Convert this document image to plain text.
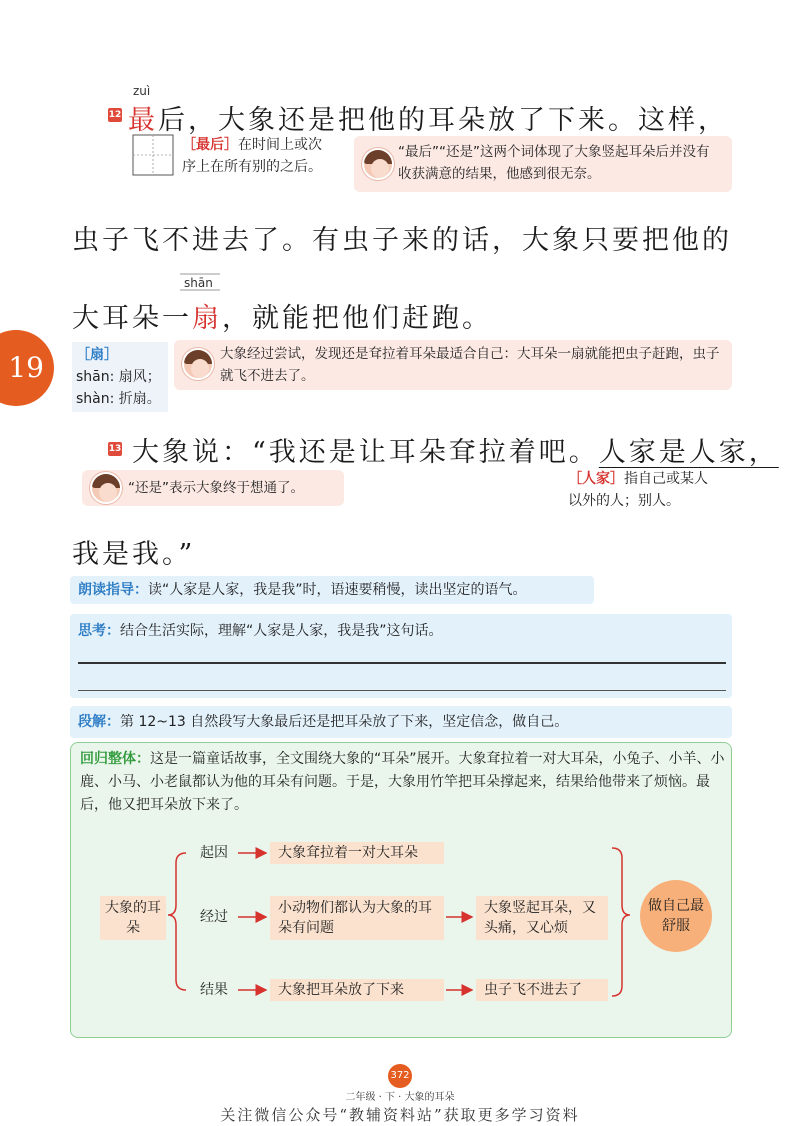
12
zuì
最后，大象还是把他的耳朵放了下来。这样，
［最后］在时间上或次
序上在所有别的之后。
“最后”“还是”这两个词体现了大象竖起耳朵后并没有收获满意的结果，他感到很无奈。
虫子飞不进去了。有虫子来的话，大象只要把他的
shān
大耳朵一扇，就能把他们赶跑。
19	［扇］
shān: 扇风；
shàn: 折扇。
大象经过尝试，发现还是耷拉着耳朵最适合自己：大耳朵一扇就能把虫子赶跑，虫子就飞不进去了。
13 大象说：“我还是让耳朵耷拉着吧。人家是人家，
“还是”表示大象终于想通了。
［人家］指自己或某人
以外的人；别人。
我是我。”
朗读指导：读“人家是人家，我是我”时，语速要稍慢，读出坚定的语气。
思考：结合生活实际，理解“人家是人家，我是我”这句话。
段解：第 12~13 自然段写大象最后还是把耳朵放了下来，坚定信念，做自己。
回归整体：这是一篇童话故事，全文围绕大象的“耳朵”展开。大象耷拉着一对大耳朵，小兔子、小羊、小鹿、小马、小老鼠都认为他的耳朵有问题。于是，大象用竹竿把耳朵撑起来，结果给他带来了烦恼。最后，他又把耳朵放下来了。
大象的耳朵
起因	大象耷拉着一对大耳朵
经过
小动物们都认为大象的耳朵有问题
大象竖起耳朵，又头痛，又心烦
结果	大象把耳朵放了下来	虫子飞不进去了
做自己最舒服
372
二年级 · 下 · 大象的耳朵
关注微信公众号“教辅资料站”获取更多学习资料
